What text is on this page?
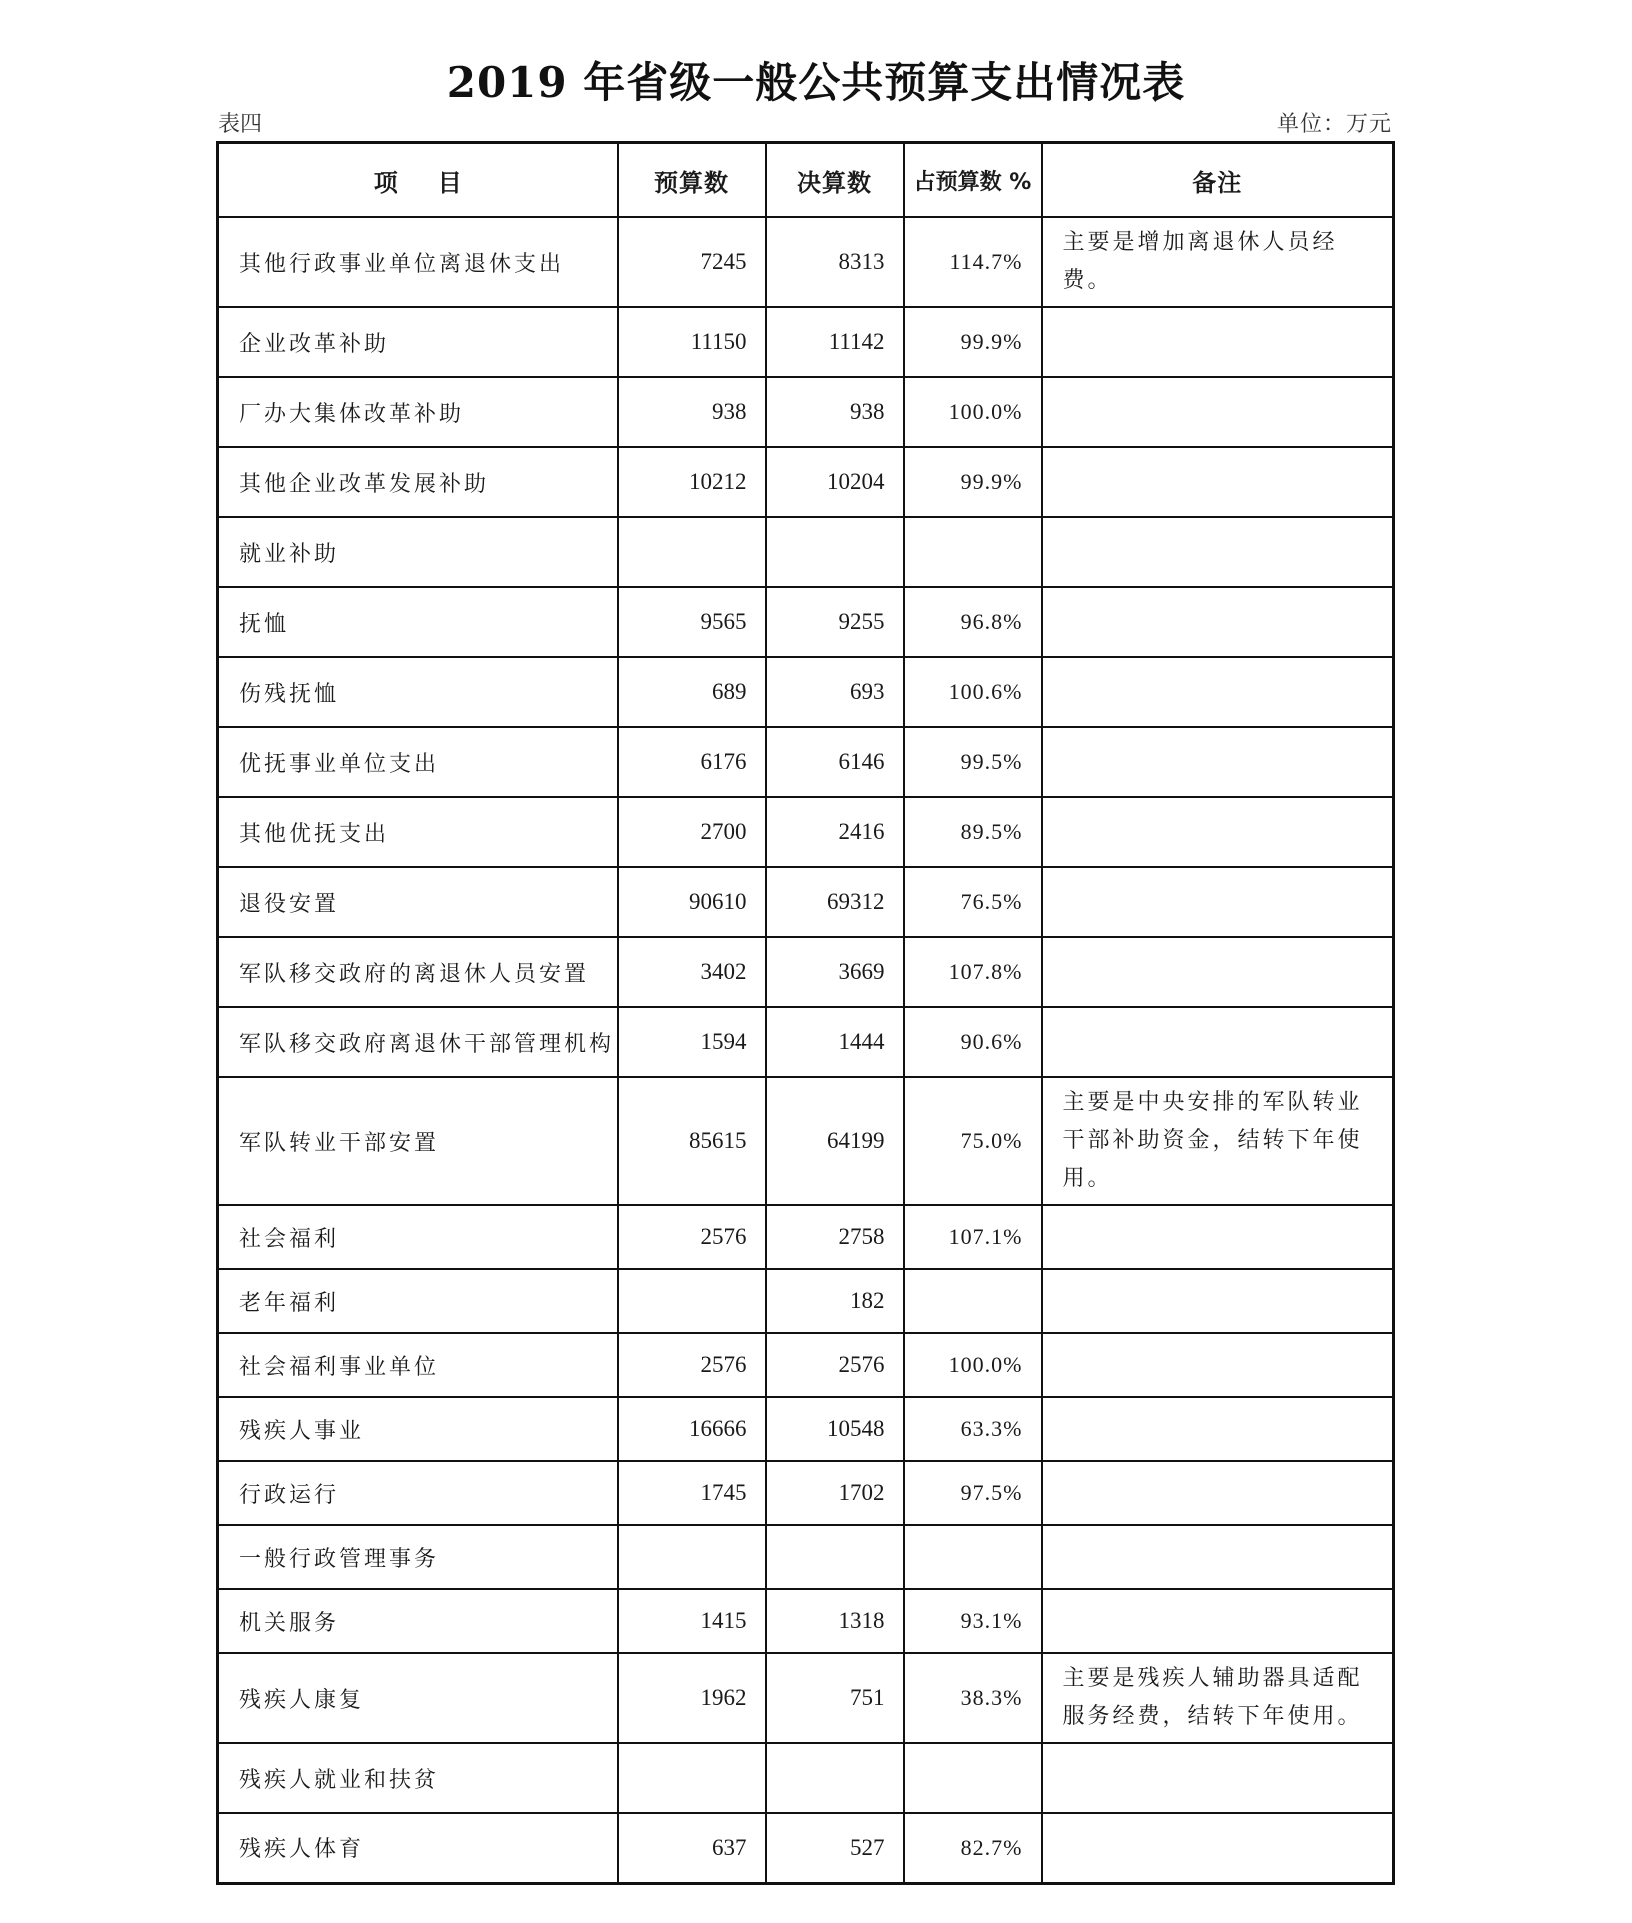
2019 年省级一般公共预算支出情况表
表四	单位：万元
项目	预算数	决算数	占预算数 %	备注
其他行政事业单位离退休支出	7245	8313	114.7%	主要是增加离退休人员经费。
企业改革补助	11150	11142	99.9%	
厂办大集体改革补助	938	938	100.0%	
其他企业改革发展补助	10212	10204	99.9%	
就业补助				
抚恤	9565	9255	96.8%	
伤残抚恤	689	693	100.6%	
优抚事业单位支出	6176	6146	99.5%	
其他优抚支出	2700	2416	89.5%	
退役安置	90610	69312	76.5%	
军队移交政府的离退休人员安置	3402	3669	107.8%	
军队移交政府离退休干部管理机构	1594	1444	90.6%	
军队转业干部安置	85615	64199	75.0%	主要是中央安排的军队转业干部补助资金，结转下年使用。
社会福利	2576	2758	107.1%	
老年福利		182		
社会福利事业单位	2576	2576	100.0%	
残疾人事业	16666	10548	63.3%	
行政运行	1745	1702	97.5%	
一般行政管理事务				
机关服务	1415	1318	93.1%	
残疾人康复	1962	751	38.3%	主要是残疾人辅助器具适配服务经费，结转下年使用。
残疾人就业和扶贫				
残疾人体育	637	527	82.7%	
